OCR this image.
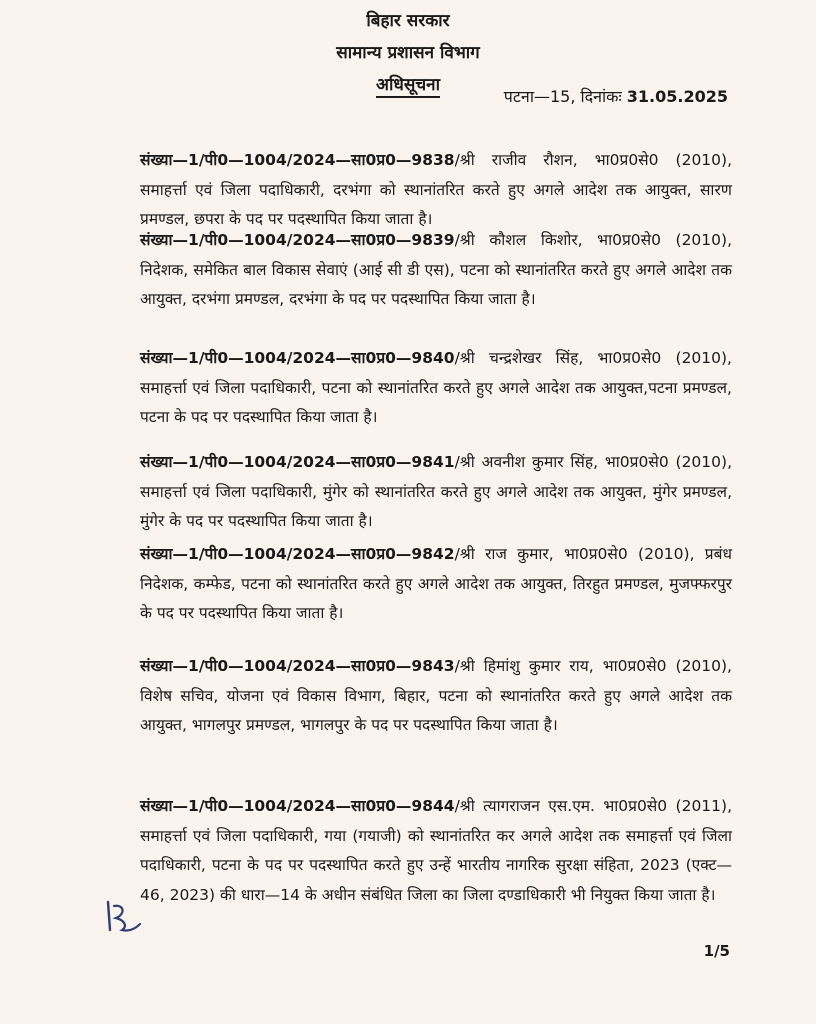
बिहार सरकार
सामान्य प्रशासन विभाग
अधिसूचना
पटना—15, दिनांकः 31.05.2025
संख्या—1/पी0—1004/2024—सा0प्र0—9838/श्री राजीव रौशन, भा0प्र0से0 (2010), समाहर्त्ता एवं जिला पदाधिकारी, दरभंगा को स्थानांतरित करते हुए अगले आदेश तक आयुक्त, सारण प्रमण्डल, छपरा के पद पर पदस्थापित किया जाता है।
संख्या—1/पी0—1004/2024—सा0प्र0—9839/श्री कौशल किशोर, भा0प्र0से0 (2010), निदेशक, समेकित बाल विकास सेवाएं (आई सी डी एस), पटना को स्थानांतरित करते हुए अगले आदेश तक आयुक्त, दरभंगा प्रमण्डल, दरभंगा के पद पर पदस्थापित किया जाता है।
संख्या—1/पी0—1004/2024—सा0प्र0—9840/श्री चन्द्रशेखर सिंह, भा0प्र0से0 (2010), समाहर्त्ता एवं जिला पदाधिकारी, पटना को स्थानांतरित करते हुए अगले आदेश तक आयुक्त,पटना प्रमण्डल, पटना के पद पर पदस्थापित किया जाता है।
संख्या—1/पी0—1004/2024—सा0प्र0—9841/श्री अवनीश कुमार सिंह, भा0प्र0से0 (2010), समाहर्त्ता एवं जिला पदाधिकारी, मुंगेर को स्थानांतरित करते हुए अगले आदेश तक आयुक्त, मुंगेर प्रमण्डल, मुंगेर के पद पर पदस्थापित किया जाता है।
संख्या—1/पी0—1004/2024—सा0प्र0—9842/श्री राज कुमार, भा0प्र0से0 (2010), प्रबंध निदेशक, कम्फेड, पटना को स्थानांतरित करते हुए अगले आदेश तक आयुक्त, तिरहुत प्रमण्डल, मुजफ्फरपुर के पद पर पदस्थापित किया जाता है।
संख्या—1/पी0—1004/2024—सा0प्र0—9843/श्री हिमांशु कुमार राय, भा0प्र0से0 (2010), विशेष सचिव, योजना एवं विकास विभाग, बिहार, पटना को स्थानांतरित करते हुए अगले आदेश तक आयुक्त, भागलपुर प्रमण्डल, भागलपुर के पद पर पदस्थापित किया जाता है।
संख्या—1/पी0—1004/2024—सा0प्र0—9844/श्री त्यागराजन एस.एम. भा0प्र0से0 (2011), समाहर्त्ता एवं जिला पदाधिकारी, गया (गयाजी) को स्थानांतरित कर अगले आदेश तक समाहर्त्ता एवं जिला पदाधिकारी, पटना के पद पर पदस्थापित करते हुए उन्हें भारतीय नागरिक सुरक्षा संहिता, 2023 (एक्ट—46, 2023) की धारा—14 के अधीन संबंधित जिला का जिला दण्डाधिकारी भी नियुक्त किया जाता है।
1/5
